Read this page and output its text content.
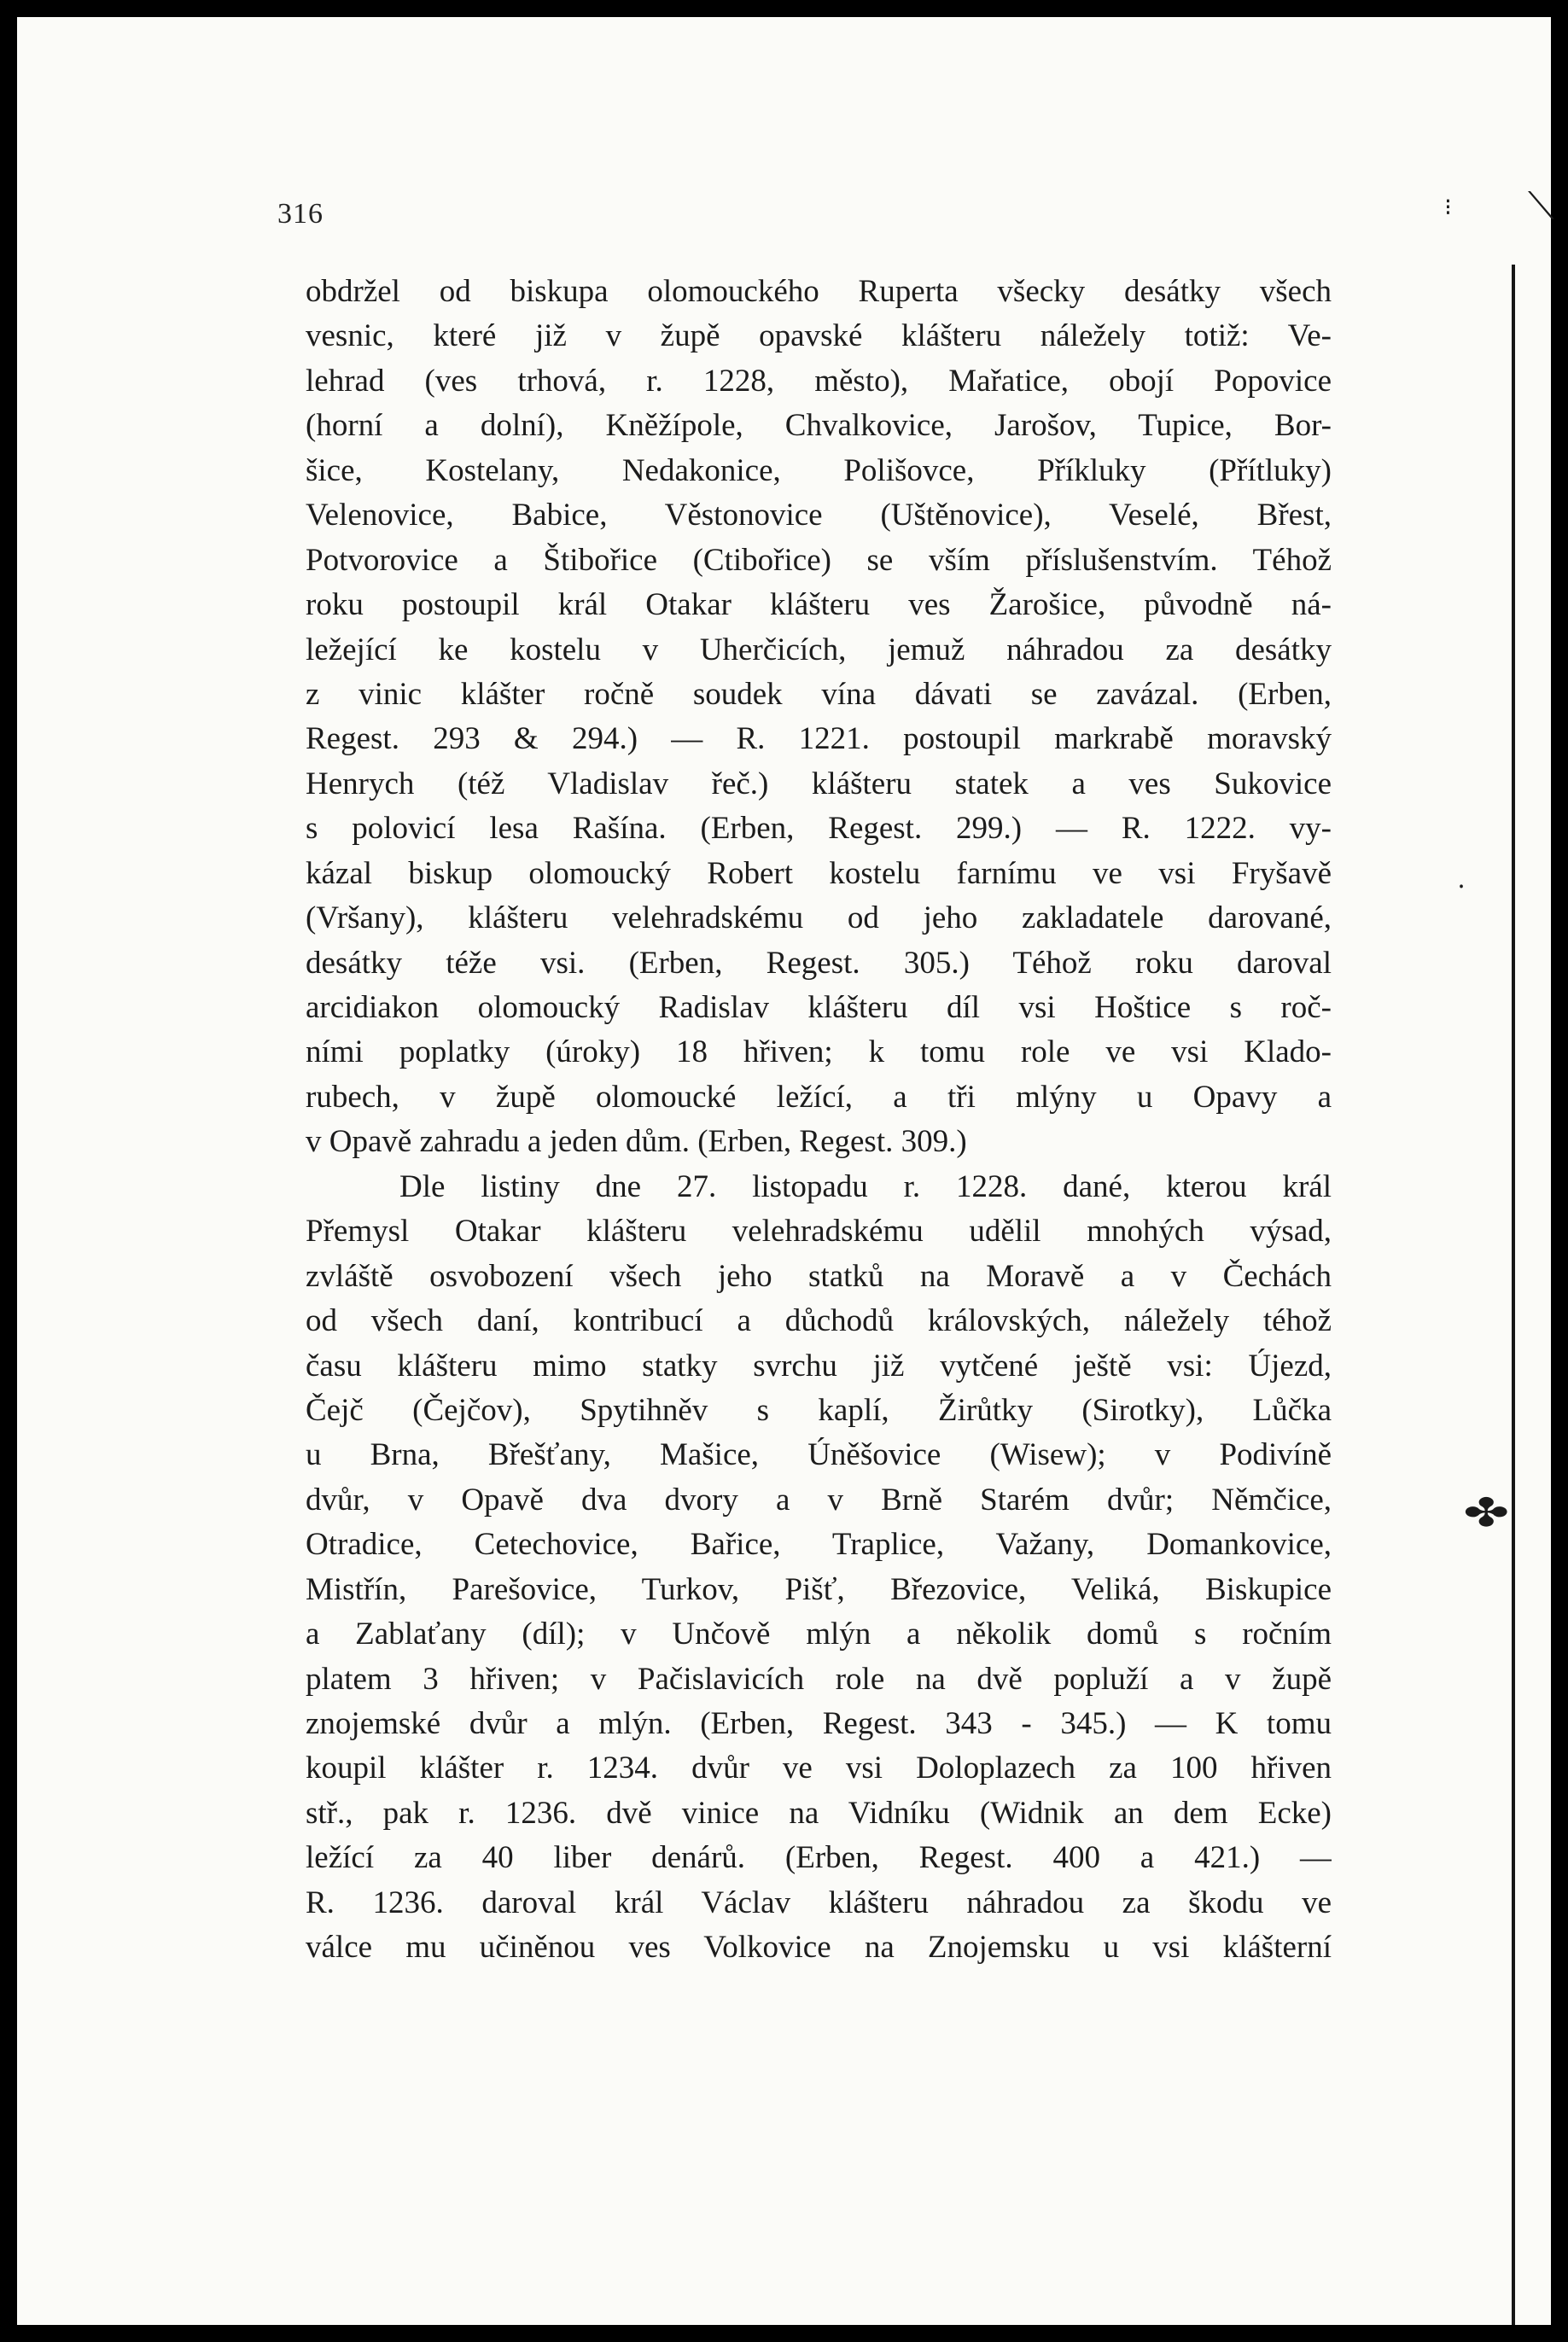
316
obdržel od biskupa olomouckého Ruperta všecky desátky všech
vesnic, které již v župě opavské klášteru náležely totiž: Ve-
lehrad (ves trhová, r. 1228, město), Mařatice, obojí Popovice
(horní a dolní), Kněžípole, Chvalkovice, Jarošov, Tupice, Bor-
šice, Kostelany, Nedakonice, Polišovce, Příkluky (Přítluky)
Velenovice, Babice, Věstonovice (Uštěnovice), Veselé, Břest,
Potvorovice a Štibořice (Ctibořice) se vším příslušenstvím. Téhož
roku postoupil král Otakar klášteru ves Žarošice, původně ná-
ležející ke kostelu v Uherčicích, jemuž náhradou za desátky
z vinic klášter ročně soudek vína dávati se zavázal. (Erben,
Regest. 293 & 294.) — R. 1221. postoupil markrabě moravský
Henrych (též Vladislav řeč.) klášteru statek a ves Sukovice
s polovicí lesa Rašína. (Erben, Regest. 299.) — R. 1222. vy-
kázal biskup olomoucký Robert kostelu farnímu ve vsi Fryšavě
(Vršany), klášteru velehradskému od jeho zakladatele darované,
desátky téže vsi. (Erben, Regest. 305.) Téhož roku daroval
arcidiakon olomoucký Radislav klášteru díl vsi Hoštice s roč-
ními poplatky (úroky) 18 hřiven; k tomu role ve vsi Kladо-
rubech, v župě olomoucké ležící, a tři mlýny u Opavy a
v Opavě zahradu a jeden dům. (Erben, Regest. 309.)
Dle listiny dne 27. listopadu r. 1228. dané, kterou král
Přemysl Otakar klášteru velehradskému udělil mnohých výsad,
zvláště osvobození všech jeho statků na Moravě a v Čechách
od všech daní, kontribucí a důchodů královských, náležely téhož
času klášteru mimo statky svrchu již vytčené ještě vsi: Újezd,
Čejč (Čejčov), Spytihněv s kaplí, Žirůtky (Sirotky), Lůčka
u Brna, Břešťany, Mašice, Úněšovice (Wisew); v Podivíně
dvůr, v Opavě dva dvory a v Brně Starém dvůr; Němčice,
Otradice, Cetechovice, Bařice, Traplice, Važany, Domankovice,
Mistřín, Parešovice, Turkov, Pišť, Březovice, Veliká, Biskupice
a Zablaťany (díl); v Unčově mlýn a několik domů s ročním
platem 3 hřiven; v Pačislavicích role na dvě popluží a v župě
znojemské dvůr a mlýn. (Erben, Regest. 343 - 345.) — K tomu
koupil klášter r. 1234. dvůr ve vsi Doloplazech za 100 hřiven
stř., pak r. 1236. dvě vinice na Vidníku (Widnik an dem Ecke)
ležící za 40 liber denárů. (Erben, Regest. 400 a 421.) —
R. 1236. daroval král Václav klášteru náhradou za škodu ve
válce mu učiněnou ves Volkovice na Znojemsku u vsi klášterní
⁝ ⟍
⸱
✤
